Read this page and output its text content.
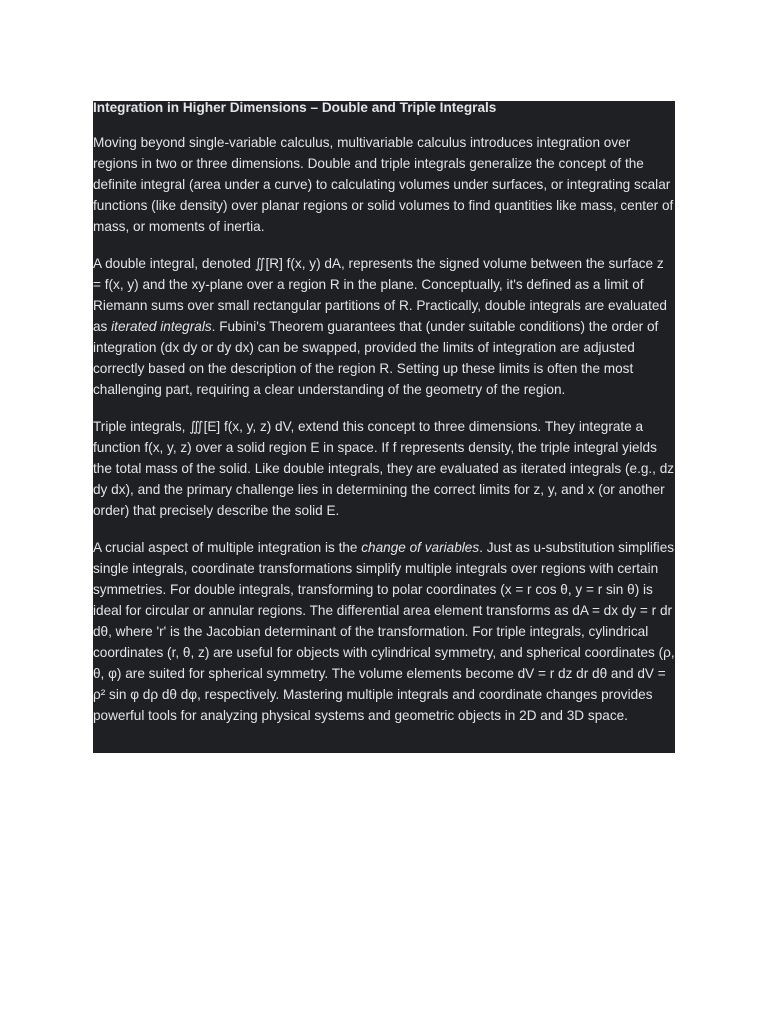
Integration in Higher Dimensions – Double and Triple Integrals

Moving beyond single-variable calculus, multivariable calculus introduces integration over regions in two or three dimensions. Double and triple integrals generalize the concept of the definite integral (area under a curve) to calculating volumes under surfaces, or integrating scalar functions (like density) over planar regions or solid volumes to find quantities like mass, center of mass, or moments of inertia.

A double integral, denoted ∬[R] f(x, y) dA, represents the signed volume between the surface z = f(x, y) and the xy-plane over a region R in the plane. Conceptually, it's defined as a limit of Riemann sums over small rectangular partitions of R. Practically, double integrals are evaluated as iterated integrals. Fubini's Theorem guarantees that (under suitable conditions) the order of integration (dx dy or dy dx) can be swapped, provided the limits of integration are adjusted correctly based on the description of the region R. Setting up these limits is often the most challenging part, requiring a clear understanding of the geometry of the region.

Triple integrals, ∭[E] f(x, y, z) dV, extend this concept to three dimensions. They integrate a function f(x, y, z) over a solid region E in space. If f represents density, the triple integral yields the total mass of the solid. Like double integrals, they are evaluated as iterated integrals (e.g., dz dy dx), and the primary challenge lies in determining the correct limits for z, y, and x (or another order) that precisely describe the solid E.

A crucial aspect of multiple integration is the change of variables. Just as u-substitution simplifies single integrals, coordinate transformations simplify multiple integrals over regions with certain symmetries. For double integrals, transforming to polar coordinates (x = r cos θ, y = r sin θ) is ideal for circular or annular regions. The differential area element transforms as dA = dx dy = r dr dθ, where 'r' is the Jacobian determinant of the transformation. For triple integrals, cylindrical coordinates (r, θ, z) are useful for objects with cylindrical symmetry, and spherical coordinates (ρ, θ, φ) are suited for spherical symmetry. The volume elements become dV = r dz dr dθ and dV = ρ² sin φ dρ dθ dφ, respectively. Mastering multiple integrals and coordinate changes provides powerful tools for analyzing physical systems and geometric objects in 2D and 3D space.
